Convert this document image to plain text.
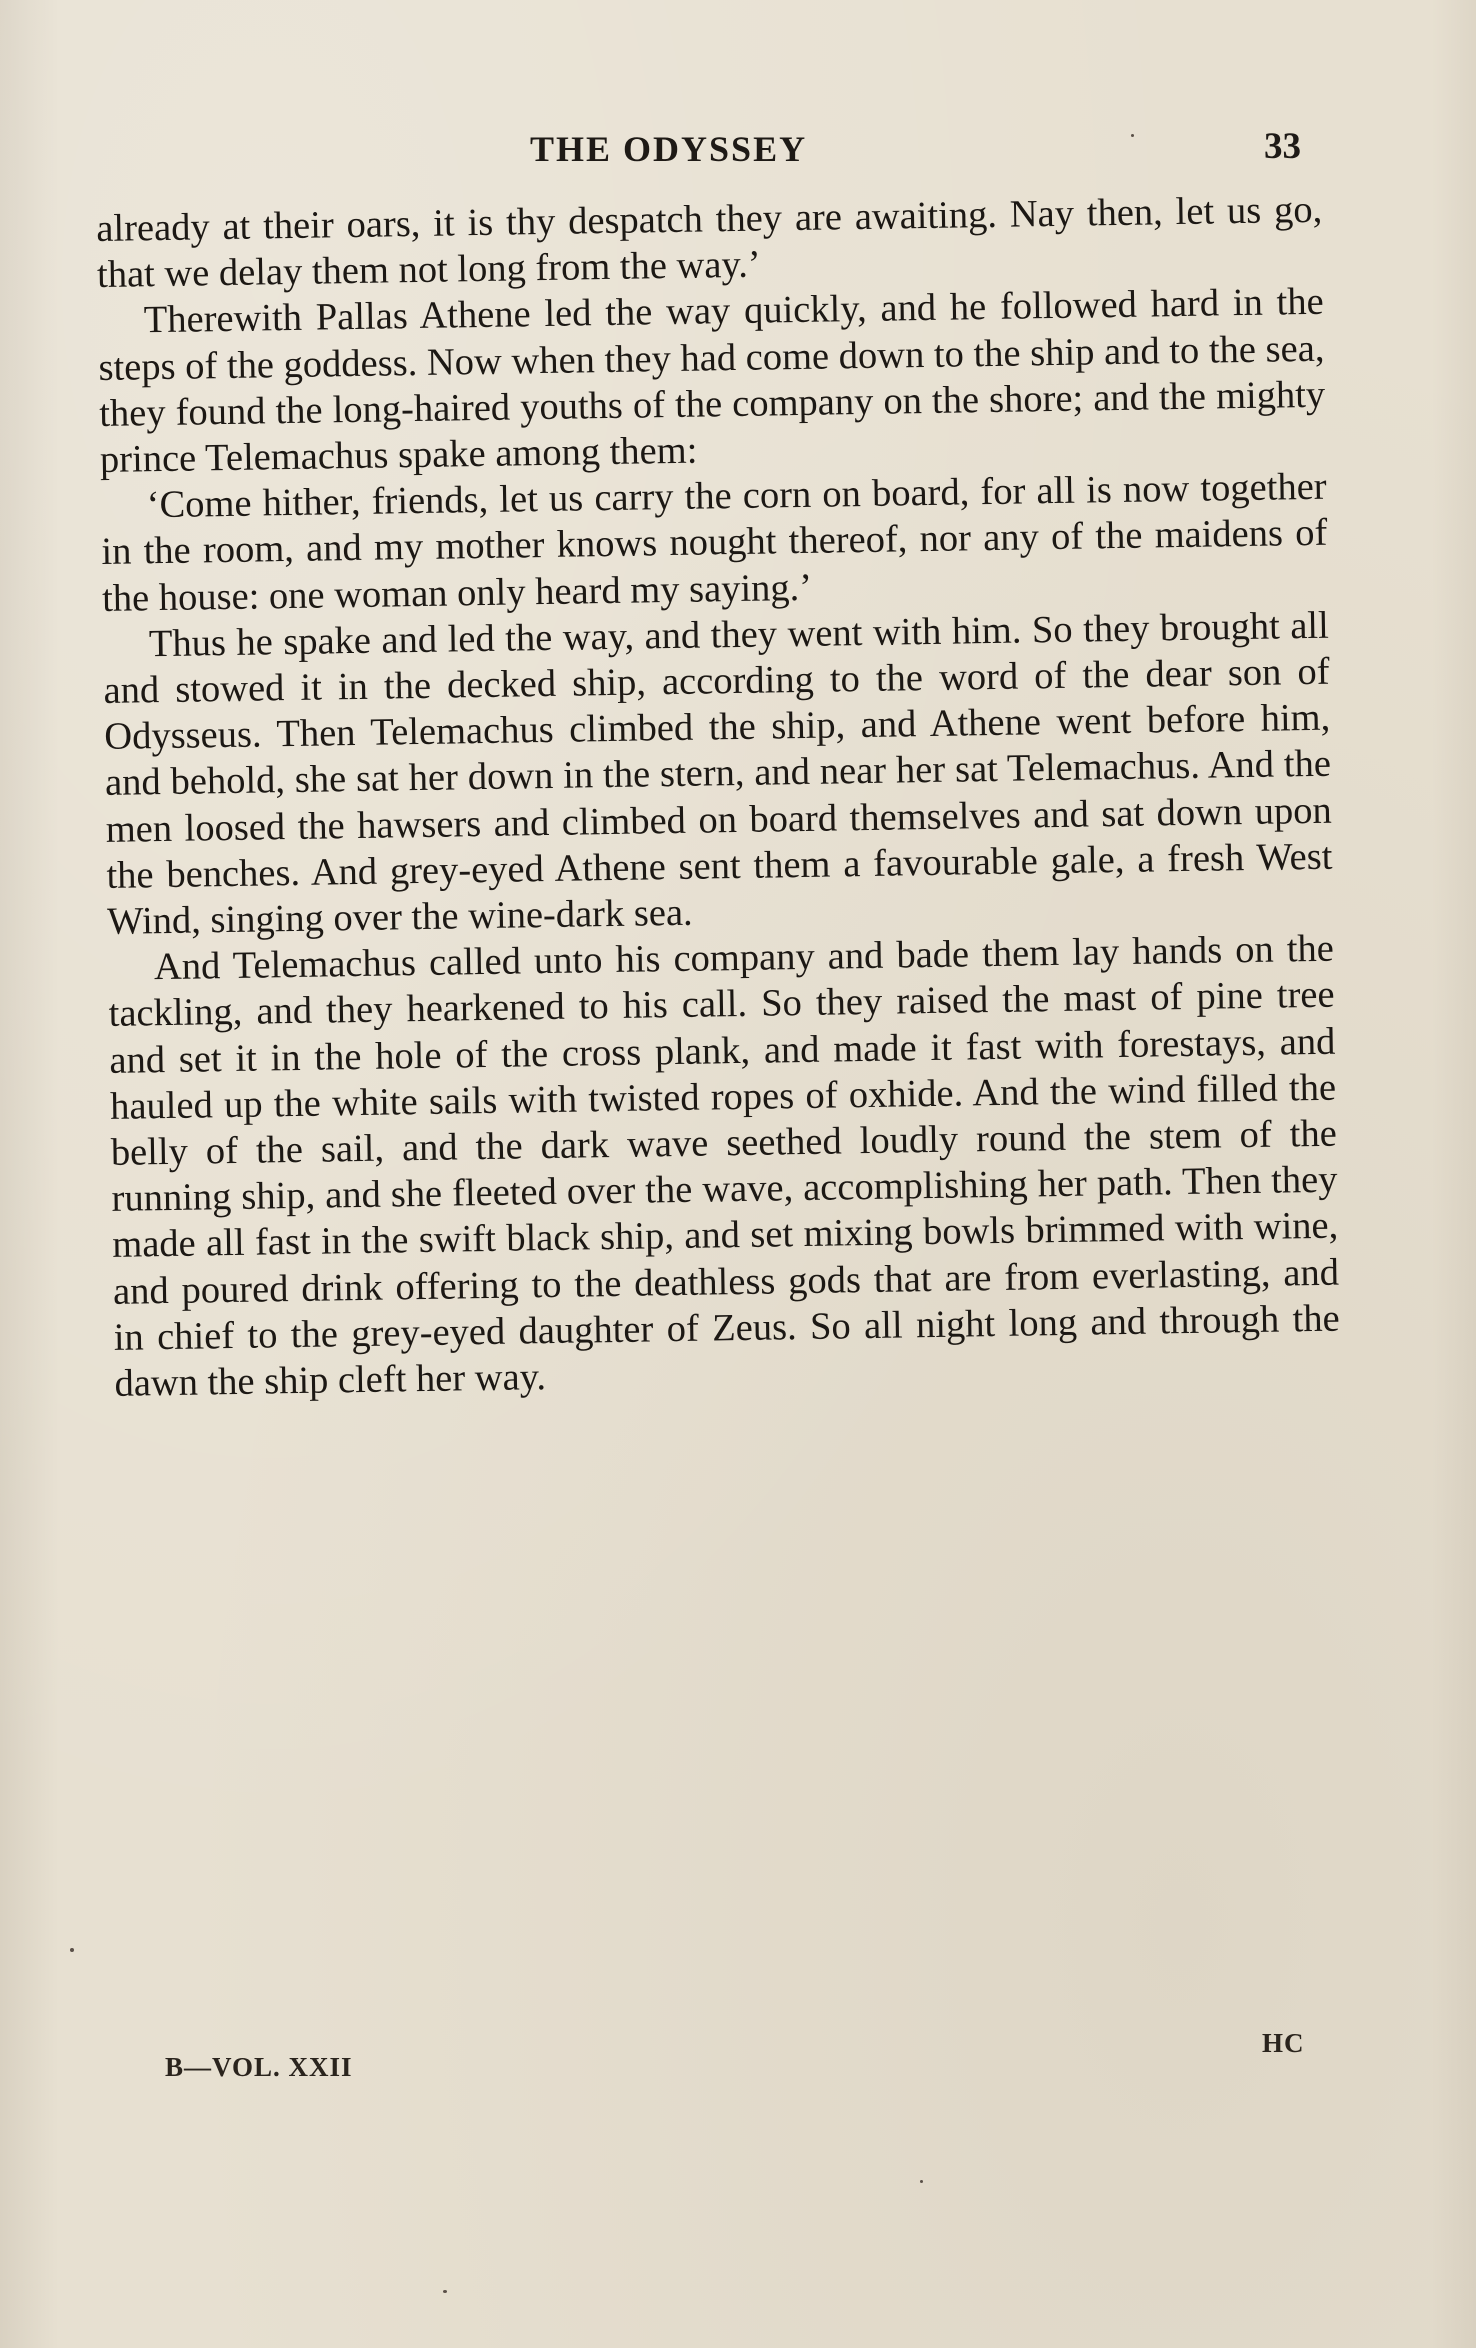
THE ODYSSEY	33

already at their oars, it is thy despatch they are awaiting. Nay then, let us go, that we delay them not long from the way.’

Therewith Pallas Athene led the way quickly, and he followed hard in the steps of the goddess. Now when they had come down to the ship and to the sea, they found the long-haired youths of the company on the shore; and the mighty prince Telemachus spake among them:

‘Come hither, friends, let us carry the corn on board, for all is now together in the room, and my mother knows nought thereof, nor any of the maidens of the house: one woman only heard my saying.’

Thus he spake and led the way, and they went with him. So they brought all and stowed it in the decked ship, according to the word of the dear son of Odysseus. Then Telemachus climbed the ship, and Athene went before him, and behold, she sat her down in the stern, and near her sat Telemachus. And the men loosed the hawsers and climbed on board themselves and sat down upon the benches. And grey-eyed Athene sent them a favourable gale, a fresh West Wind, singing over the wine-dark sea.

And Telemachus called unto his company and bade them lay hands on the tackling, and they hearkened to his call. So they raised the mast of pine tree and set it in the hole of the cross plank, and made it fast with forestays, and hauled up the white sails with twisted ropes of oxhide. And the wind filled the belly of the sail, and the dark wave seethed loudly round the stem of the running ship, and she fleeted over the wave, accomplishing her path. Then they made all fast in the swift black ship, and set mixing bowls brimmed with wine, and poured drink offering to the deathless gods that are from everlasting, and in chief to the grey-eyed daughter of Zeus. So all night long and through the dawn the ship cleft her way.

B—VOL. XXII
HC
